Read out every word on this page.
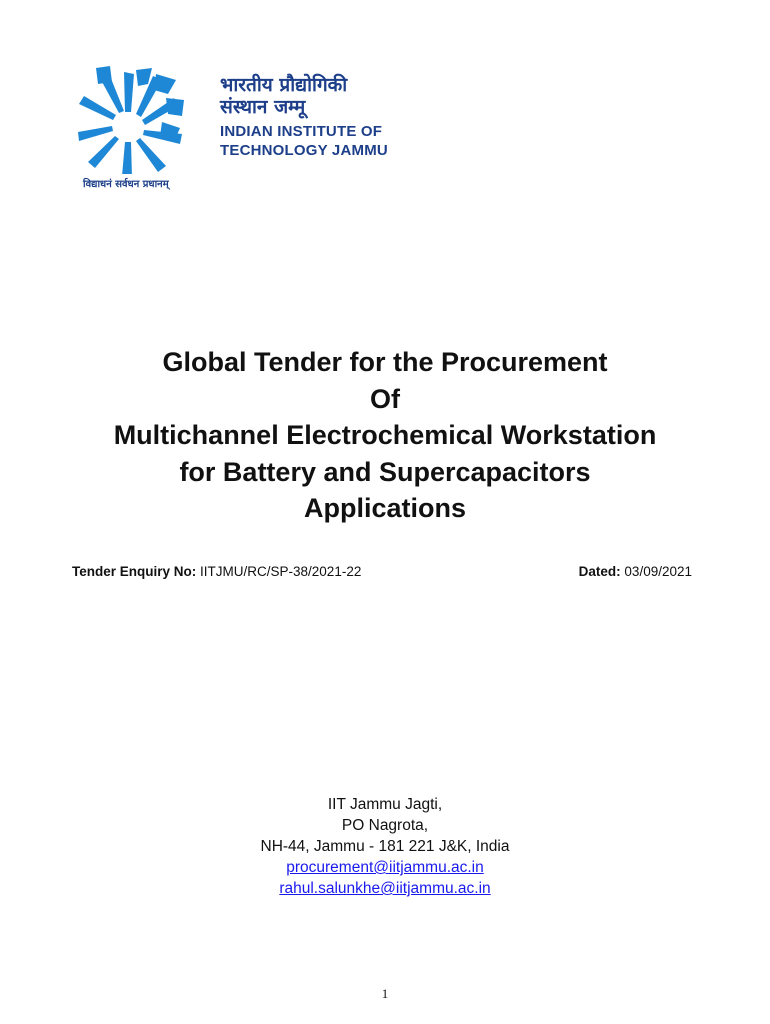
भारतीय प्रौद्योगिकी
संस्थान जम्मू
INDIAN INSTITUTE OF
TECHNOLOGY JAMMU
विद्याधनं सर्वधन प्रधानम्

Global Tender for the Procurement

Of

Multichannel Electrochemical Workstation

for Battery and Supercapacitors

Applications

Tender Enquiry No: IITJMU/RC/SP-38/2021-22	Dated: 03/09/2021
IIT Jammu Jagti,
PO Nagrota,
NH-44, Jammu - 181 221 J&K, India
procurement@iitjammu.ac.in
rahul.salunkhe@iitjammu.ac.in
1
